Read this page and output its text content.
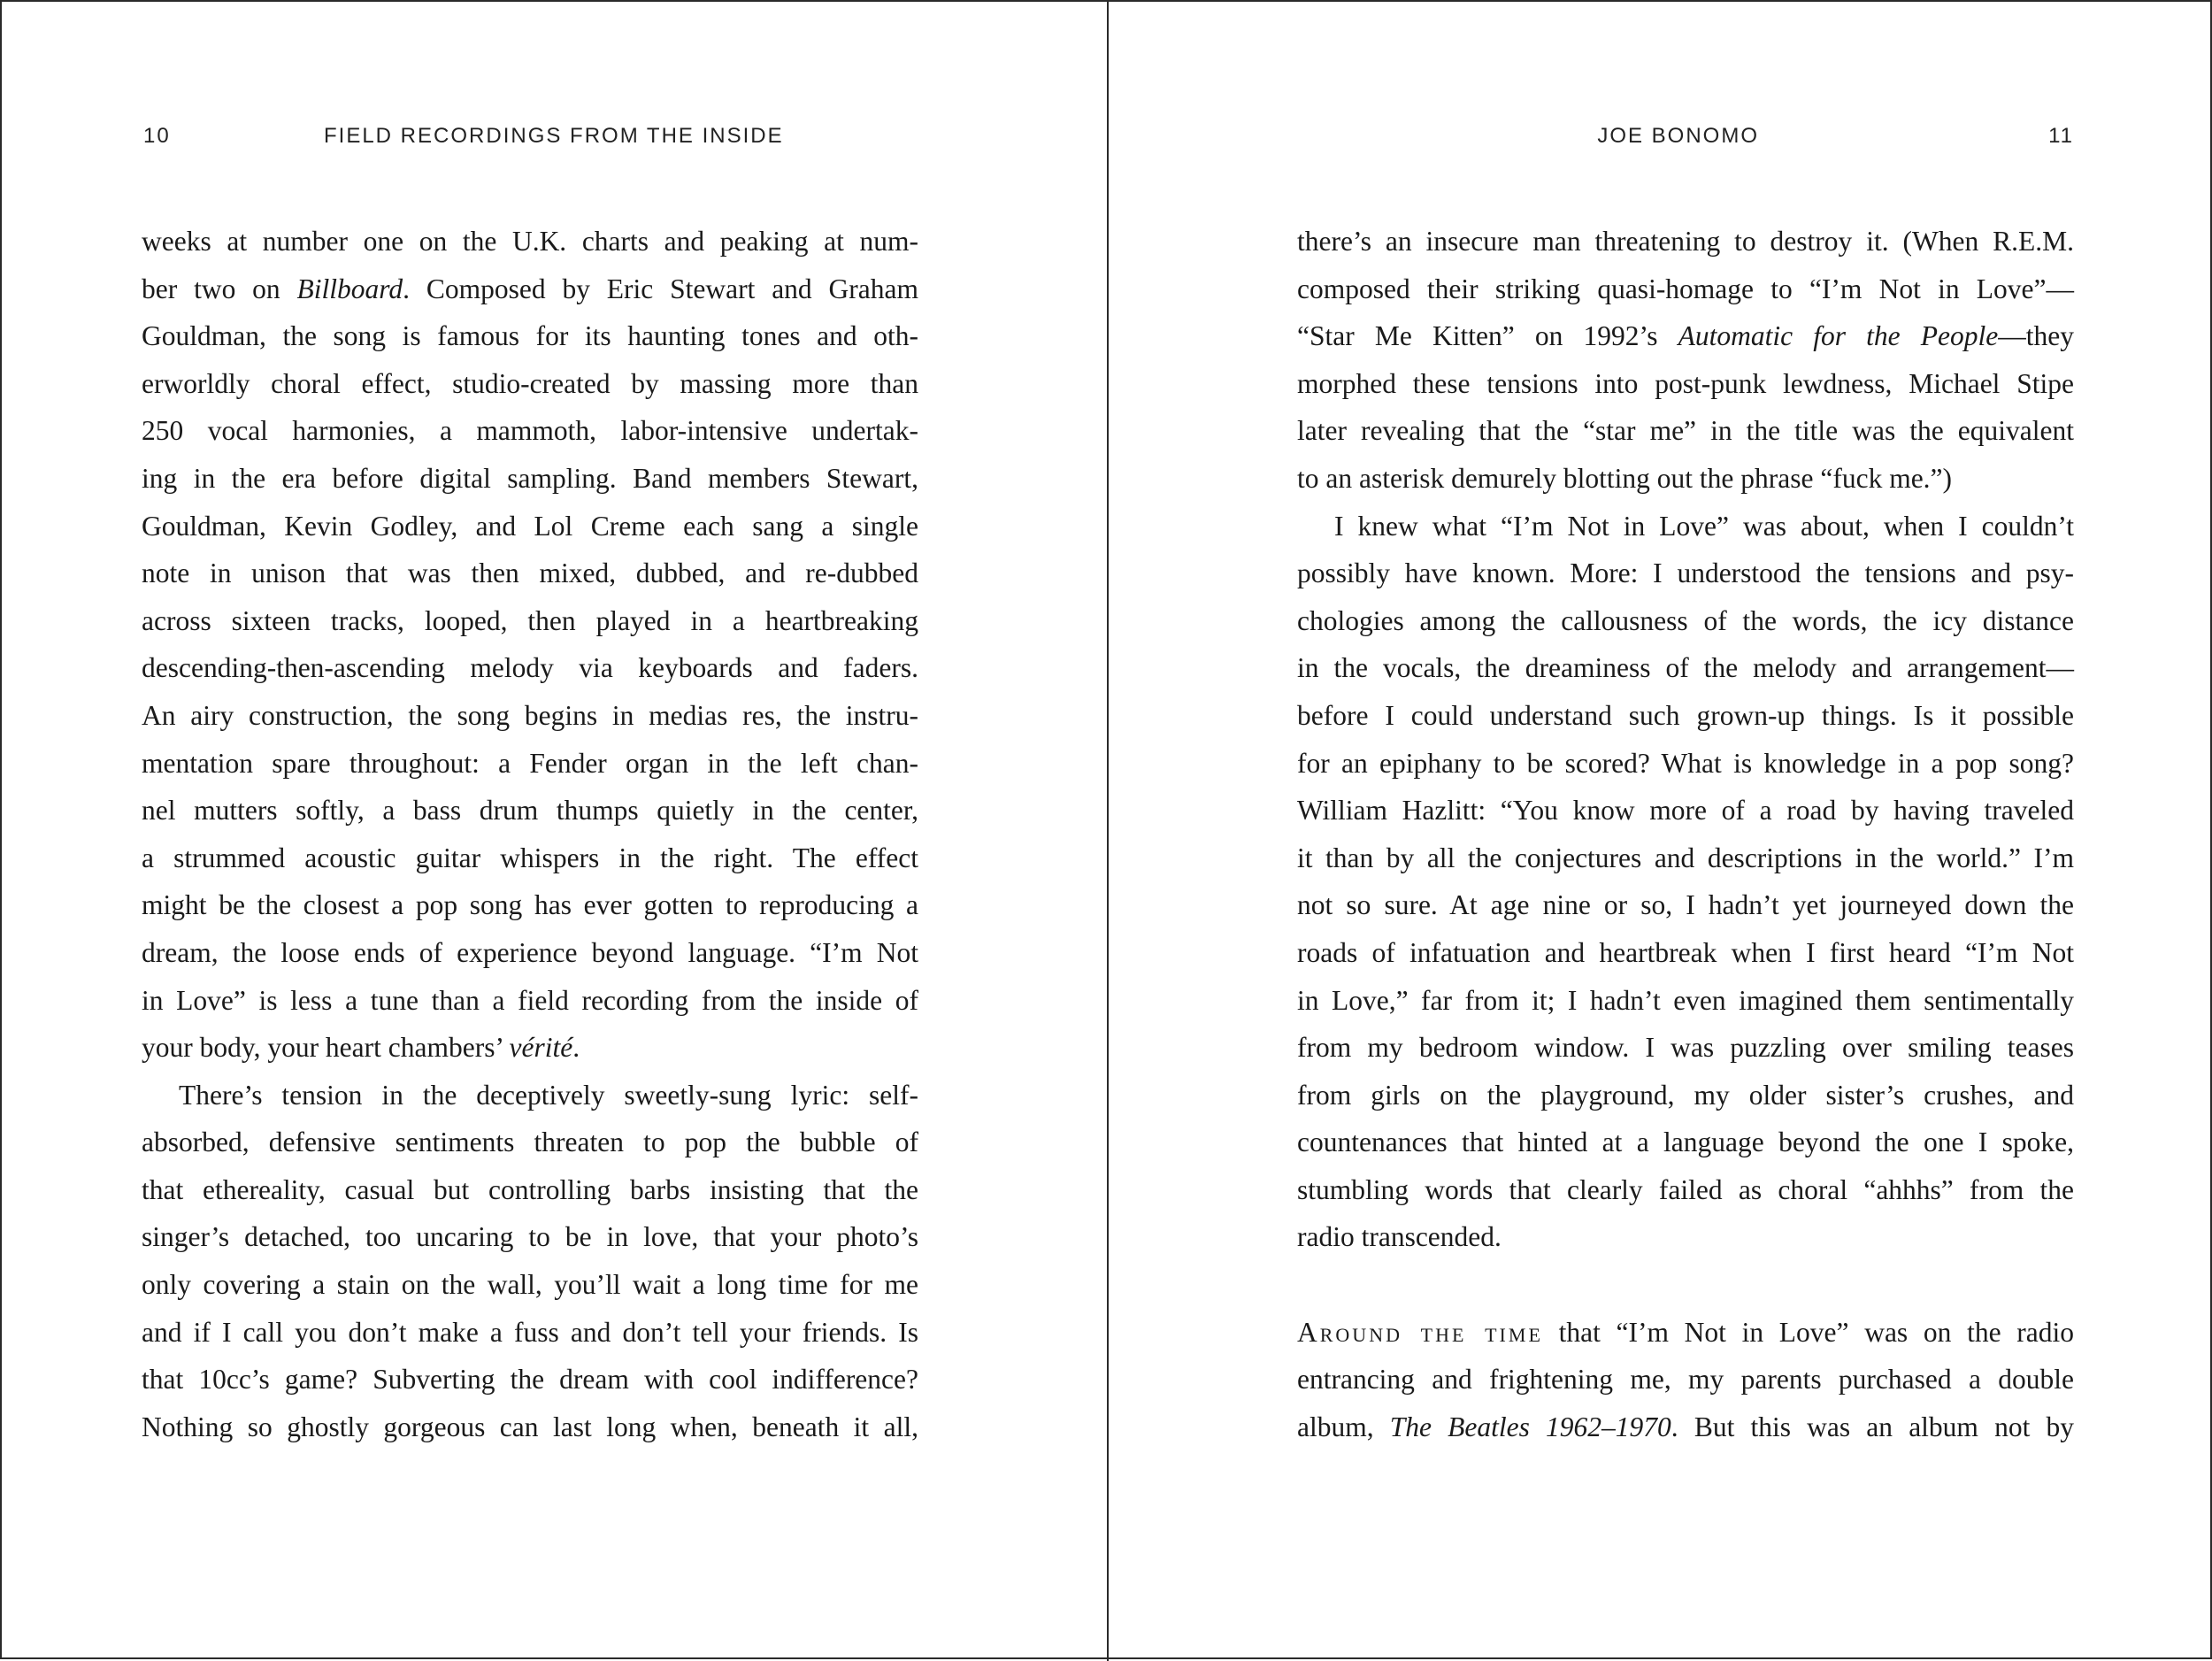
10	FIELD RECORDINGS FROM THE INSIDE
weeks at number one on the U.K. charts and peaking at num-
ber two on Billboard. Composed by Eric Stewart and Graham
Gouldman, the song is famous for its haunting tones and oth-
erworldly choral effect, studio-created by massing more than
250 vocal harmonies, a mammoth, labor-intensive undertak-
ing in the era before digital sampling. Band members Stewart,
Gouldman, Kevin Godley, and Lol Creme each sang a single
note in unison that was then mixed, dubbed, and re-dubbed
across sixteen tracks, looped, then played in a heartbreaking
descending-then-ascending melody via keyboards and faders.
An airy construction, the song begins in medias res, the instru-
mentation spare throughout: a Fender organ in the left chan-
nel mutters softly, a bass drum thumps quietly in the center,
a strummed acoustic guitar whispers in the right. The effect
might be the closest a pop song has ever gotten to reproducing a
dream, the loose ends of experience beyond language. “I’m Not
in Love” is less a tune than a field recording from the inside of
your body, your heart chambers’ vérité.
There’s tension in the deceptively sweetly-sung lyric: self-
absorbed, defensive sentiments threaten to pop the bubble of
that ethereality, casual but controlling barbs insisting that the
singer’s detached, too uncaring to be in love, that your photo’s
only covering a stain on the wall, you’ll wait a long time for me
and if I call you don’t make a fuss and don’t tell your friends. Is
that 10cc’s game? Subverting the dream with cool indifference?
Nothing so ghostly gorgeous can last long when, beneath it all,
JOE BONOMO	11
there’s an insecure man threatening to destroy it. (When R.E.M.
composed their striking quasi-homage to “I’m Not in Love”—
“Star Me Kitten” on 1992’s Automatic for the People—they
morphed these tensions into post-punk lewdness, Michael Stipe
later revealing that the “star me” in the title was the equivalent
to an asterisk demurely blotting out the phrase “fuck me.”)
I knew what “I’m Not in Love” was about, when I couldn’t
possibly have known. More: I understood the tensions and psy-
chologies among the callousness of the words, the icy distance
in the vocals, the dreaminess of the melody and arrangement—
before I could understand such grown-up things. Is it possible
for an epiphany to be scored? What is knowledge in a pop song?
William Hazlitt: “You know more of a road by having traveled
it than by all the conjectures and descriptions in the world.” I’m
not so sure. At age nine or so, I hadn’t yet journeyed down the
roads of infatuation and heartbreak when I first heard “I’m Not
in Love,” far from it; I hadn’t even imagined them sentimentally
from my bedroom window. I was puzzling over smiling teases
from girls on the playground, my older sister’s crushes, and
countenances that hinted at a language beyond the one I spoke,
stumbling words that clearly failed as choral “ahhhs” from the
radio transcended.
Around the time that “I’m Not in Love” was on the radio
entrancing and frightening me, my parents purchased a double
album, The Beatles 1962–1970. But this was an album not by
